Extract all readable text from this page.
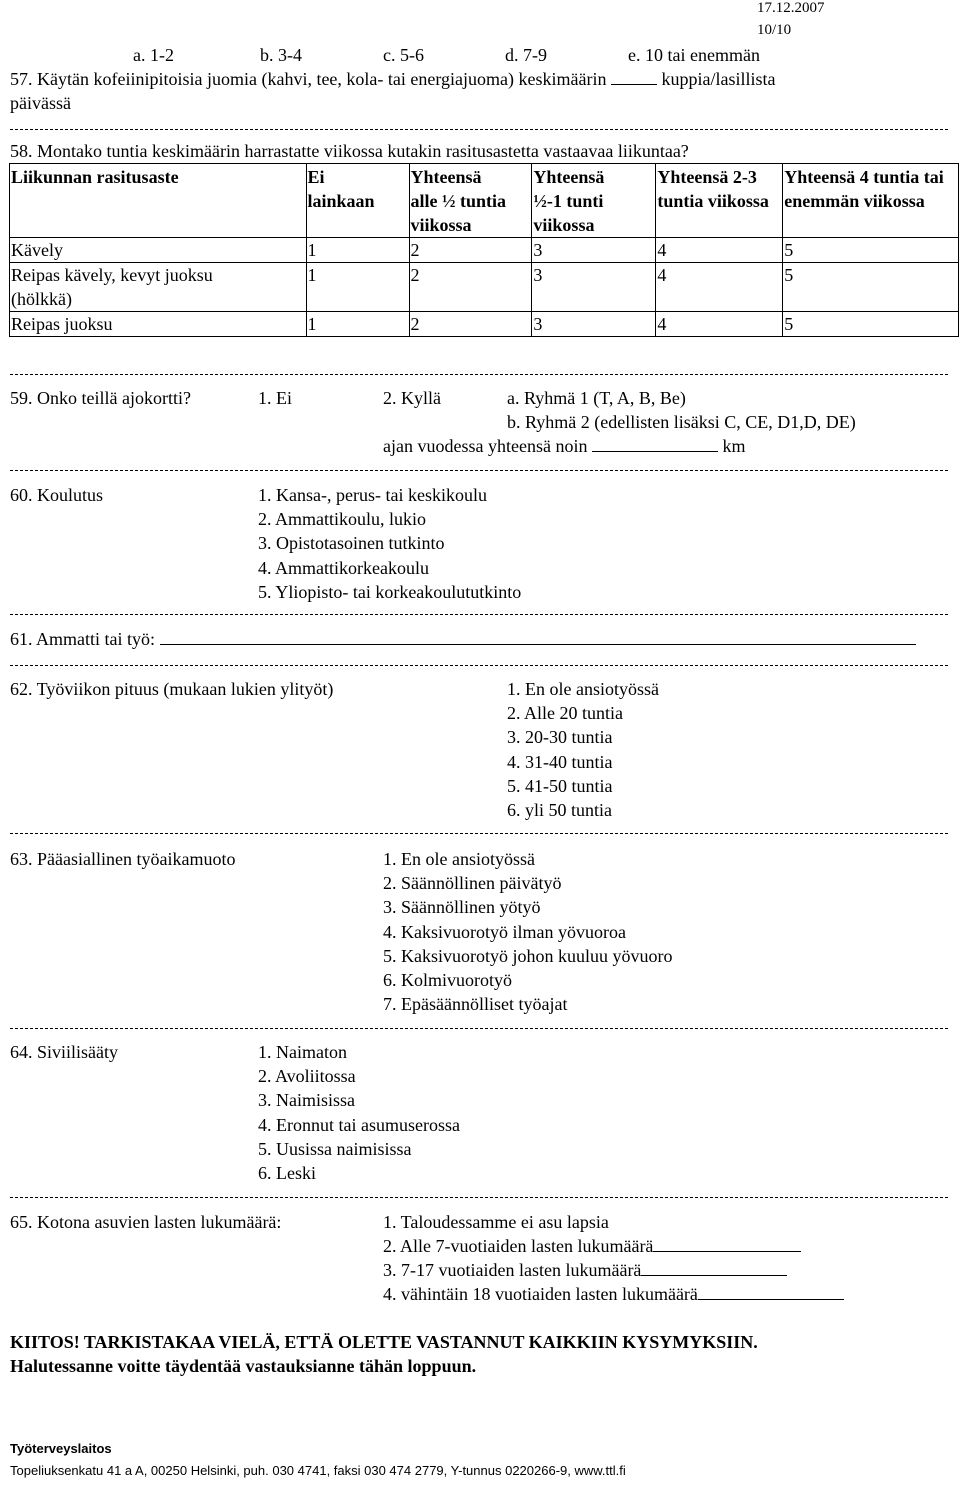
17.12.2007
10/10
a. 1-2	b. 3-4	c. 5-6	d. 7-9	e. 10 tai enemmän
57. Käytän kofeiinipitoisia juomia (kahvi, tee, kola- tai energiajuoma) keskimäärin	kuppia/lasillista
päivässä
58. Montako tuntia keskimäärin harrastatte viikossa kutakin rasitusastetta vastaavaa liikuntaa?
Liikunnan rasitusaste	Ei lainkaan	Yhteensä alle ½ tuntia viikossa	Yhteensä ½-1 tunti viikossa	Yhteensä 2-3 tuntia viikossa	Yhteensä 4 tuntia tai enemmän viikossa
Kävely	1	2	3	4	5
Reipas kävely, kevyt juoksu (hölkkä)	1	2	3	4	5
Reipas juoksu	1	2	3	4	5
59. Onko teillä ajokortti?	1. Ei	2. Kyllä	a. Ryhmä 1 (T, A, B, Be)
b. Ryhmä 2 (edellisten lisäksi C, CE, D1,D, DE)
ajan vuodessa yhteensä noin	km
60. Koulutus	1. Kansa-, perus- tai keskikoulu
2. Ammattikoulu, lukio
3. Opistotasoinen tutkinto
4. Ammattikorkeakoulu
5. Yliopisto- tai korkeakoulututkinto
61. Ammatti tai työ:
62. Työviikon pituus (mukaan lukien ylityöt)	1. En ole ansiotyössä
2. Alle 20 tuntia
3. 20-30 tuntia
4. 31-40 tuntia
5. 41-50 tuntia
6. yli 50 tuntia
63. Pääasiallinen työaikamuoto	1. En ole ansiotyössä
2. Säännöllinen päivätyö
3. Säännöllinen yötyö
4. Kaksivuorotyö ilman yövuoroa
5. Kaksivuorotyö johon kuuluu yövuoro
6. Kolmivuorotyö
7. Epäsäännölliset työajat
64. Siviilisääty	1. Naimaton
2. Avoliitossa
3. Naimisissa
4. Eronnut tai asumuserossa
5. Uusissa naimisissa
6. Leski
65. Kotona asuvien lasten lukumäärä:	1. Taloudessamme ei asu lapsia
2. Alle 7-vuotiaiden lasten lukumäärä
3. 7-17 vuotiaiden lasten lukumäärä
4. vähintäin 18 vuotiaiden lasten lukumäärä
KIITOS! TARKISTAKAA VIELÄ, ETTÄ OLETTE VASTANNUT KAIKKIIN KYSYMYKSIIN.
Halutessanne voitte täydentää vastauksianne tähän loppuun.
Työterveyslaitos
Topeliuksenkatu 41 a A, 00250 Helsinki, puh. 030 4741, faksi 030 474 2779, Y-tunnus 0220266-9, www.ttl.fi
